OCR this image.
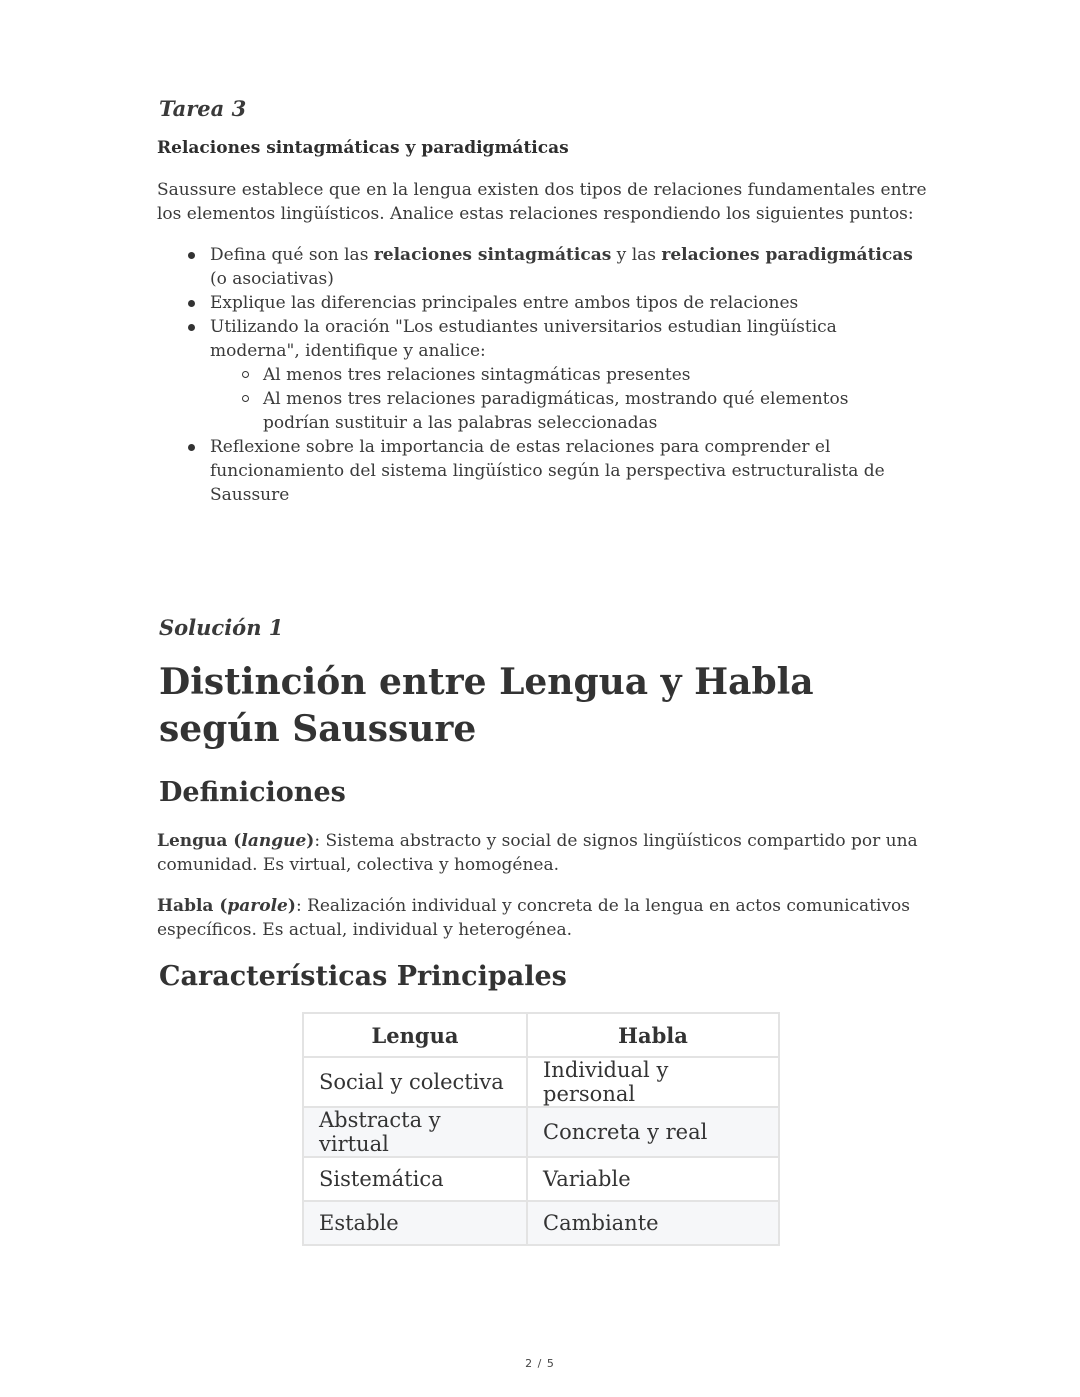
Tarea 3
Relaciones sintagmáticas y paradigmáticas

Saussure establece que en la lengua existen dos tipos de relaciones fundamentales entre los elementos lingüísticos. Analice estas relaciones respondiendo los siguientes puntos:

Defina qué son las relaciones sintagmáticas y las relaciones paradigmáticas (o asociativas)
Explique las diferencias principales entre ambos tipos de relaciones
Utilizando la oración "Los estudiantes universitarios estudian lingüística moderna", identifique y analice:
Al menos tres relaciones sintagmáticas presentes
Al menos tres relaciones paradigmáticas, mostrando qué elementos podrían sustituir a las palabras seleccionadas
Reflexione sobre la importancia de estas relaciones para comprender el funcionamiento del sistema lingüístico según la perspectiva estructuralista de Saussure
Solución 1
Distinción entre Lengua y Habla según Saussure
Definiciones

Lengua (langue): Sistema abstracto y social de signos lingüísticos compartido por una comunidad. Es virtual, colectiva y homogénea.

Habla (parole): Realización individual y concreta de la lengua en actos comunicativos específicos. Es actual, individual y heterogénea.

Características Principales
Lengua	Habla
Social y colectiva	Individual y personal
Abstracta y virtual	Concreta y real
Sistemática	Variable
Estable	Cambiante
2 / 5
